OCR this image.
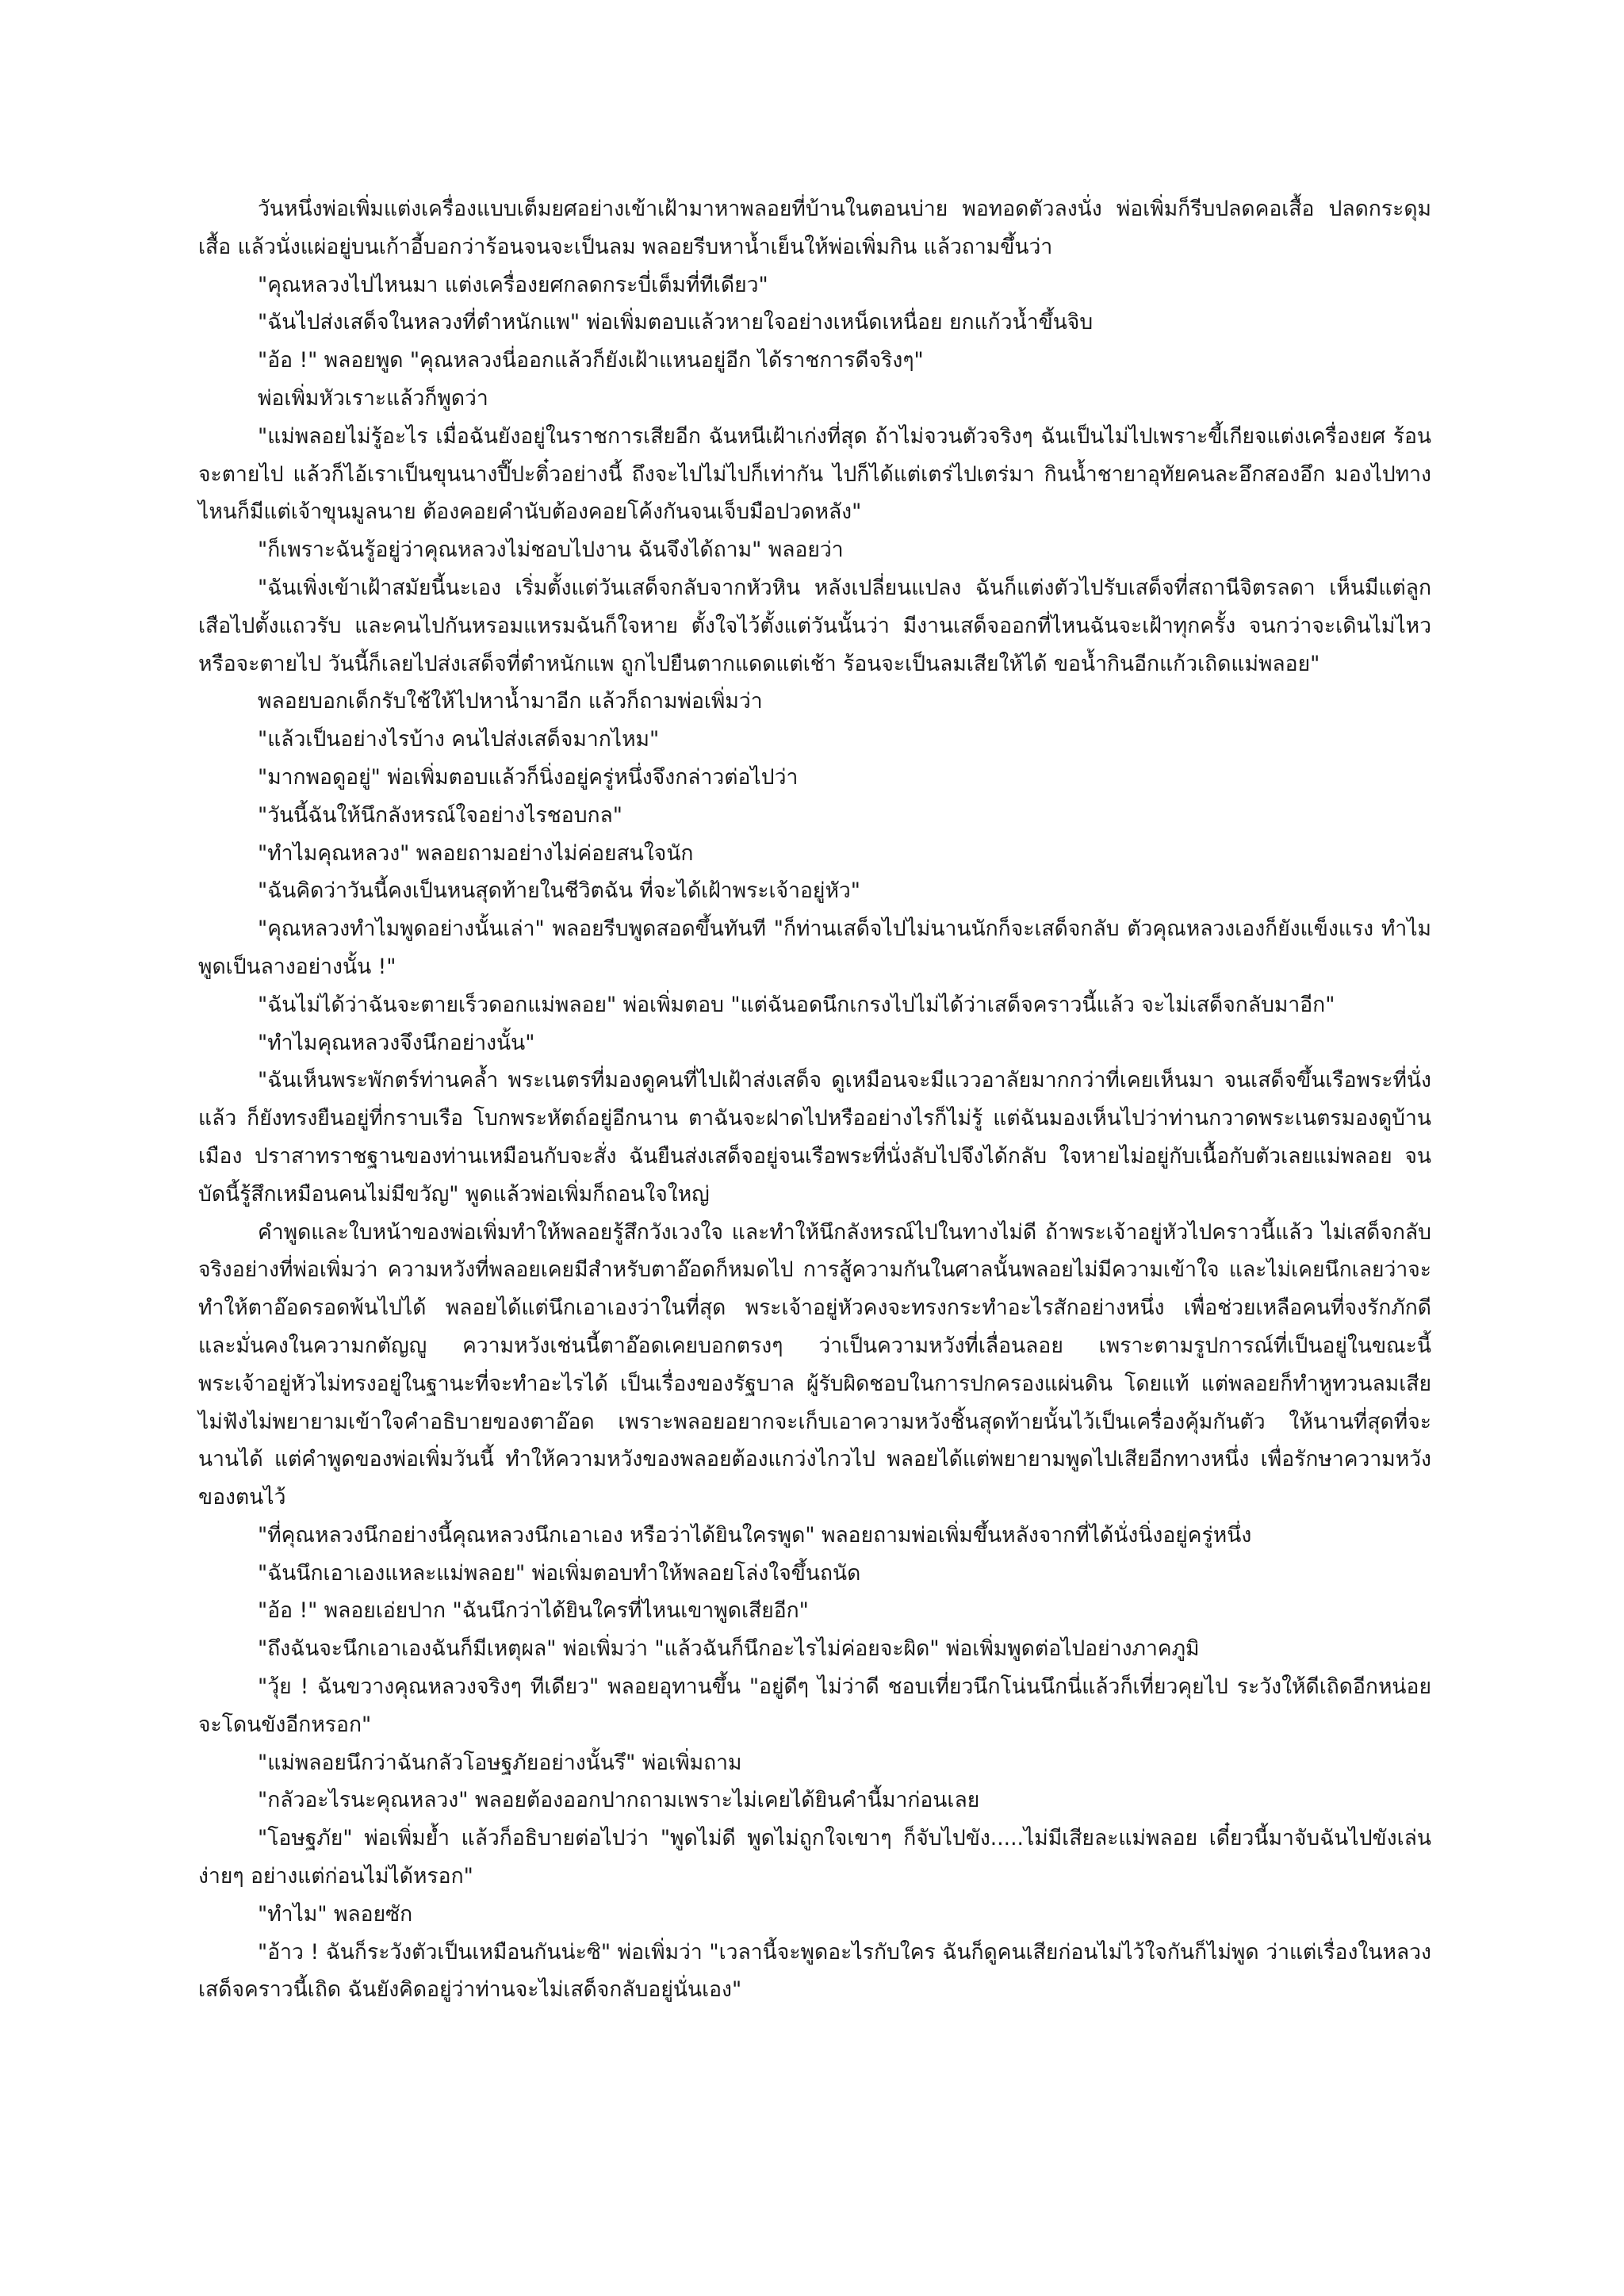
วันหนึ่งพ่อเพิ่มแต่งเครื่องแบบเต็มยศอย่างเข้าเฝ้ามาหาพลอยที่บ้านในตอนบ่าย พอทอดตัวลงนั่ง พ่อเพิ่มก็รีบปลดคอเสื้อ ปลดกระดุมเสื้อ แล้วนั่งแผ่อยู่บนเก้าอี้บอกว่าร้อนจนจะเป็นลม พลอยรีบหาน้ำเย็นให้พ่อเพิ่มกิน แล้วถามขึ้นว่า

"คุณหลวงไปไหนมา แต่งเครื่องยศกลดกระบี่เต็มที่ทีเดียว"

"ฉันไปส่งเสด็จในหลวงที่ตำหนักแพ" พ่อเพิ่มตอบแล้วหายใจอย่างเหน็ดเหนื่อย ยกแก้วน้ำขึ้นจิบ

"อ้อ !" พลอยพูด "คุณหลวงนี่ออกแล้วก็ยังเฝ้าแหนอยู่อีก ได้ราชการดีจริงๆ"

พ่อเพิ่มหัวเราะแล้วก็พูดว่า

"แม่พลอยไม่รู้อะไร เมื่อฉันยังอยู่ในราชการเสียอีก ฉันหนีเฝ้าเก่งที่สุด ถ้าไม่จวนตัวจริงๆ ฉันเป็นไม่ไปเพราะขี้เกียจแต่งเครื่องยศ ร้อนจะตายไป แล้วก็ไอ้เราเป็นขุนนางปี๊ปะติ๋วอย่างนี้ ถึงจะไปไม่ไปก็เท่ากัน ไปก็ได้แต่เตร่ไปเตร่มา กินน้ำชายาอุทัยคนละอึกสองอึก มองไปทางไหนก็มีแต่เจ้าขุนมูลนาย ต้องคอยคำนับต้องคอยโค้งกันจนเจ็บมือปวดหลัง"

"ก็เพราะฉันรู้อยู่ว่าคุณหลวงไม่ชอบไปงาน ฉันจึงได้ถาม" พลอยว่า

"ฉันเพิ่งเข้าเฝ้าสมัยนี้นะเอง เริ่มตั้งแต่วันเสด็จกลับจากหัวหิน หลังเปลี่ยนแปลง ฉันก็แต่งตัวไปรับเสด็จที่สถานีจิตรลดา เห็นมีแต่ลูกเสือไปตั้งแถวรับ และคนไปกันหรอมแหรมฉันก็ใจหาย ตั้งใจไว้ตั้งแต่วันนั้นว่า มีงานเสด็จออกที่ไหนฉันจะเฝ้าทุกครั้ง จนกว่าจะเดินไม่ไหวหรือจะตายไป วันนี้ก็เลยไปส่งเสด็จที่ตำหนักแพ ถูกไปยืนตากแดดแต่เช้า ร้อนจะเป็นลมเสียให้ได้ ขอน้ำกินอีกแก้วเถิดแม่พลอย"

พลอยบอกเด็กรับใช้ให้ไปหาน้ำมาอีก แล้วก็ถามพ่อเพิ่มว่า

"แล้วเป็นอย่างไรบ้าง คนไปส่งเสด็จมากไหม"

"มากพอดูอยู่" พ่อเพิ่มตอบแล้วก็นิ่งอยู่ครู่หนึ่งจึงกล่าวต่อไปว่า

"วันนี้ฉันให้นึกลังหรณ์ใจอย่างไรชอบกล"

"ทำไมคุณหลวง" พลอยถามอย่างไม่ค่อยสนใจนัก

"ฉันคิดว่าวันนี้คงเป็นหนสุดท้ายในชีวิตฉัน ที่จะได้เฝ้าพระเจ้าอยู่หัว"

"คุณหลวงทำไมพูดอย่างนั้นเล่า" พลอยรีบพูดสอดขึ้นทันที "ก็ท่านเสด็จไปไม่นานนักก็จะเสด็จกลับ ตัวคุณหลวงเองก็ยังแข็งแรง ทำไมพูดเป็นลางอย่างนั้น !"

"ฉันไม่ได้ว่าฉันจะตายเร็วดอกแม่พลอย" พ่อเพิ่มตอบ "แต่ฉันอดนึกเกรงไปไม่ได้ว่าเสด็จคราวนี้แล้ว จะไม่เสด็จกลับมาอีก"

"ทำไมคุณหลวงจึงนึกอย่างนั้น"

"ฉันเห็นพระพักตร์ท่านคล้ำ พระเนตรที่มองดูคนที่ไปเฝ้าส่งเสด็จ ดูเหมือนจะมีแววอาลัยมากกว่าที่เคยเห็นมา จนเสด็จขึ้นเรือพระที่นั่งแล้ว ก็ยังทรงยืนอยู่ที่กราบเรือ โบกพระหัตถ์อยู่อีกนาน ตาฉันจะฝาดไปหรืออย่างไรก็ไม่รู้ แต่ฉันมองเห็นไปว่าท่านกวาดพระเนตรมองดูบ้านเมือง ปราสาทราชฐานของท่านเหมือนกับจะสั่ง ฉันยืนส่งเสด็จอยู่จนเรือพระที่นั่งลับไปจึงได้กลับ ใจหายไม่อยู่กับเนื้อกับตัวเลยแม่พลอย จนบัดนี้รู้สึกเหมือนคนไม่มีขวัญ" พูดแล้วพ่อเพิ่มก็ถอนใจใหญ่

คำพูดและใบหน้าของพ่อเพิ่มทำให้พลอยรู้สึกวังเวงใจ และทำให้นึกลังหรณ์ไปในทางไม่ดี ถ้าพระเจ้าอยู่หัวไปคราวนี้แล้ว ไม่เสด็จกลับจริงอย่างที่พ่อเพิ่มว่า ความหวังที่พลอยเคยมีสำหรับตาอ๊อดก็หมดไป การสู้ความกันในศาลนั้นพลอยไม่มีความเข้าใจ และไม่เคยนึกเลยว่าจะทำให้ตาอ๊อดรอดพ้นไปได้ พลอยได้แต่นึกเอาเองว่าในที่สุด พระเจ้าอยู่หัวคงจะทรงกระทำอะไรสักอย่างหนึ่ง เพื่อช่วยเหลือคนที่จงรักภักดีและมั่นคงในความกตัญญู ความหวังเช่นนี้ตาอ๊อดเคยบอกตรงๆ ว่าเป็นความหวังที่เลื่อนลอย เพราะตามรูปการณ์ที่เป็นอยู่ในขณะนี้ พระเจ้าอยู่หัวไม่ทรงอยู่ในฐานะที่จะทำอะไรได้ เป็นเรื่องของรัฐบาล ผู้รับผิดชอบในการปกครองแผ่นดิน โดยแท้ แต่พลอยก็ทำหูทวนลมเสีย ไม่ฟังไม่พยายามเข้าใจคำอธิบายของตาอ๊อด เพราะพลอยอยากจะเก็บเอาความหวังชิ้นสุดท้ายนั้นไว้เป็นเครื่องคุ้มกันตัว ให้นานที่สุดที่จะนานได้ แต่คำพูดของพ่อเพิ่มวันนี้ ทำให้ความหวังของพลอยต้องแกว่งไกวไป พลอยได้แต่พยายามพูดไปเสียอีกทางหนึ่ง เพื่อรักษาความหวังของตนไว้

"ที่คุณหลวงนึกอย่างนี้คุณหลวงนึกเอาเอง หรือว่าได้ยินใครพูด" พลอยถามพ่อเพิ่มขึ้นหลังจากที่ได้นั่งนิ่งอยู่ครู่หนึ่ง

"ฉันนึกเอาเองแหละแม่พลอย" พ่อเพิ่มตอบทำให้พลอยโล่งใจขึ้นถนัด

"อ้อ !" พลอยเอ่ยปาก "ฉันนึกว่าได้ยินใครที่ไหนเขาพูดเสียอีก"

"ถึงฉันจะนึกเอาเองฉันก็มีเหตุผล" พ่อเพิ่มว่า "แล้วฉันก็นึกอะไรไม่ค่อยจะผิด" พ่อเพิ่มพูดต่อไปอย่างภาคภูมิ

"วุ้ย ! ฉันขวางคุณหลวงจริงๆ ทีเดียว" พลอยอุทานขึ้น "อยู่ดีๆ ไม่ว่าดี ชอบเที่ยวนึกโน่นนึกนี่แล้วก็เที่ยวคุยไป ระวังให้ดีเถิดอีกหน่อยจะโดนขังอีกหรอก"

"แม่พลอยนึกว่าฉันกลัวโอษฐภัยอย่างนั้นรึ" พ่อเพิ่มถาม

"กลัวอะไรนะคุณหลวง" พลอยต้องออกปากถามเพราะไม่เคยได้ยินคำนี้มาก่อนเลย

"โอษฐภัย" พ่อเพิ่มย้ำ แล้วก็อธิบายต่อไปว่า "พูดไม่ดี พูดไม่ถูกใจเขาๆ ก็จับไปขัง.....ไม่มีเสียละแม่พลอย เดี๋ยวนี้มาจับฉันไปขังเล่นง่ายๆ อย่างแต่ก่อนไม่ได้หรอก"

"ทำไม" พลอยซัก

"อ้าว ! ฉันก็ระวังตัวเป็นเหมือนกันน่ะซิ" พ่อเพิ่มว่า "เวลานี้จะพูดอะไรกับใคร ฉันก็ดูคนเสียก่อนไม่ไว้ใจกันก็ไม่พูด ว่าแต่เรื่องในหลวงเสด็จคราวนี้เถิด ฉันยังคิดอยู่ว่าท่านจะไม่เสด็จกลับอยู่นั่นเอง"
